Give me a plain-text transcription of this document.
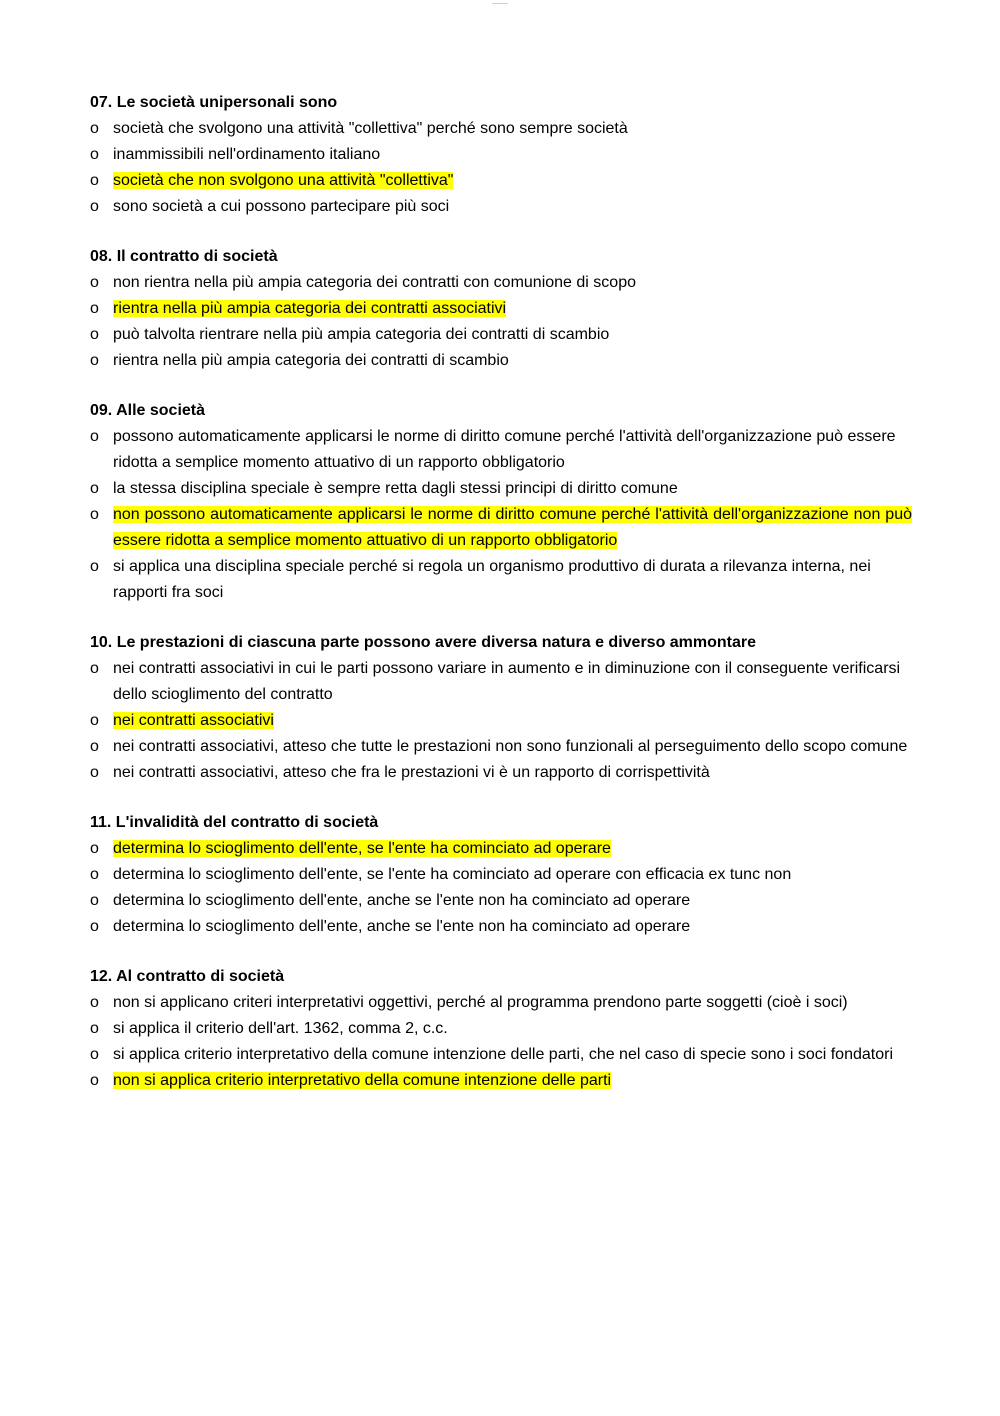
07. Le società unipersonali sono
o società che svolgono una attività "collettiva" perché sono sempre società
o inammissibili nell'ordinamento italiano
o società che non svolgono una attività "collettiva"
o sono società a cui possono partecipare più soci
08. Il contratto di società
o non rientra nella più ampia categoria dei contratti con comunione di scopo
o rientra nella più ampia categoria dei contratti associativi
o può talvolta rientrare nella più ampia categoria dei contratti di scambio
o rientra nella più ampia categoria dei contratti di scambio
09. Alle società
o possono automaticamente applicarsi le norme di diritto comune perché l'attività dell'organizzazione può essere ridotta a semplice momento attuativo di un rapporto obbligatorio
o la stessa disciplina speciale è sempre retta dagli stessi principi di diritto comune
o non possono automaticamente applicarsi le norme di diritto comune perché l'attività dell'organizzazione non può essere ridotta a semplice momento attuativo di un rapporto obbligatorio
o si applica una disciplina speciale perché si regola un organismo produttivo di durata a rilevanza interna, nei rapporti fra soci
10. Le prestazioni di ciascuna parte possono avere diversa natura e diverso ammontare
o nei contratti associativi in cui le parti possono variare in aumento e in diminuzione con il conseguente verificarsi dello scioglimento del contratto
o nei contratti associativi
o nei contratti associativi, atteso che tutte le prestazioni non sono funzionali al perseguimento dello scopo comune
o nei contratti associativi, atteso che fra le prestazioni vi è un rapporto di corrispettività
11. L'invalidità del contratto di società
o determina lo scioglimento dell'ente, se l'ente ha cominciato ad operare
o determina lo scioglimento dell'ente, se l'ente ha cominciato ad operare con efficacia ex tunc non
o determina lo scioglimento dell'ente, anche se l'ente non ha cominciato ad operare
o determina lo scioglimento dell'ente, anche se l'ente non ha cominciato ad operare
12. Al contratto di società
o non si applicano criteri interpretativi oggettivi, perché al programma prendono parte soggetti (cioè i soci)
o si applica il criterio dell'art. 1362, comma 2, c.c.
o si applica criterio interpretativo della comune intenzione delle parti, che nel caso di specie sono i soci fondatori
o non si applica criterio interpretativo della comune intenzione delle parti
